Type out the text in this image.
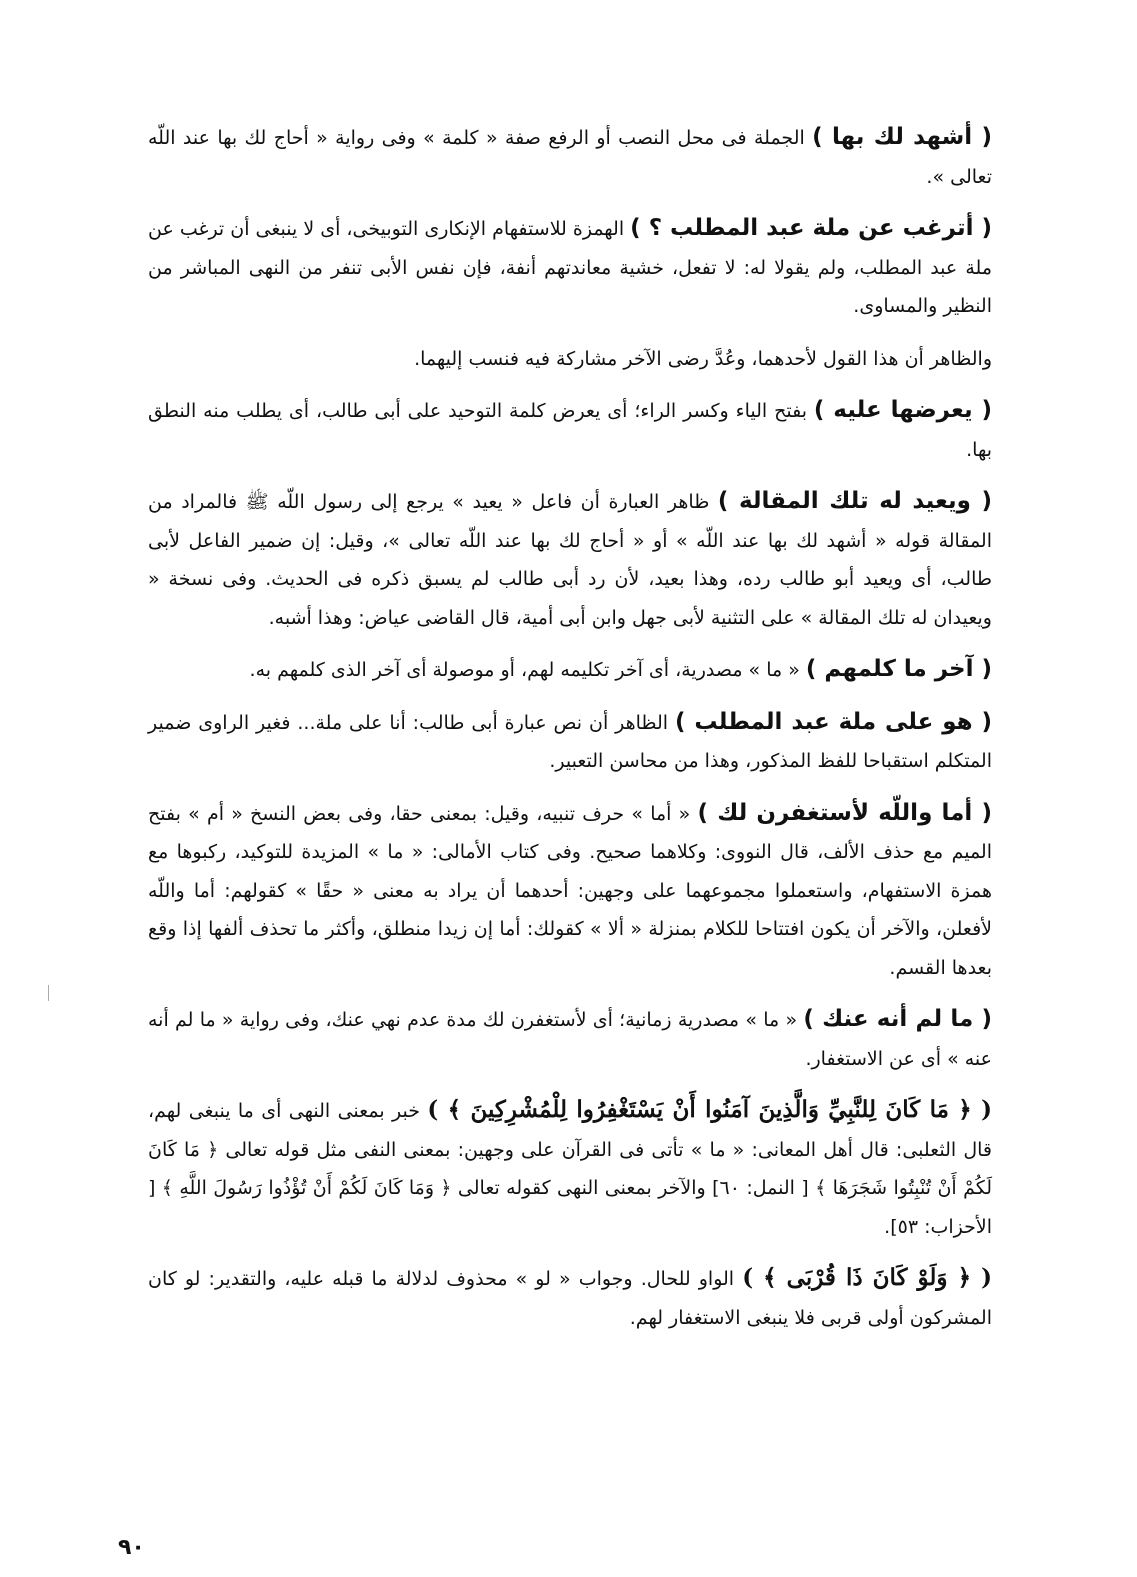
( أشهد لك بها ) الجملة فى محل النصب أو الرفع صفة « كلمة » وفى رواية « أحاج لك بها عند اللّه تعالى ».

( أترغب عن ملة عبد المطلب ؟ ) الهمزة للاستفهام الإنكارى التوبيخى، أى لا ينبغى أن ترغب عن ملة عبد المطلب، ولم يقولا له: لا تفعل، خشية معاندتهم أنفة، فإن نفس الأبى تنفر من النهى المباشر من النظير والمساوى.

والظاهر أن هذا القول لأحدهما، وعُدَّ رضى الآخر مشاركة فيه فنسب إليهما.

( يعرضها عليه ) بفتح الياء وكسر الراء؛ أى يعرض كلمة التوحيد على أبى طالب، أى يطلب منه النطق بها.

( ويعيد له تلك المقالة ) ظاهر العبارة أن فاعل « يعيد » يرجع إلى رسول اللّه ﷺ فالمراد من المقالة قوله « أشهد لك بها عند اللّه » أو « أحاج لك بها عند اللّه تعالى »، وقيل: إن ضمير الفاعل لأبى طالب، أى ويعيد أبو طالب رده، وهذا بعيد، لأن رد أبى طالب لم يسبق ذكره فى الحديث. وفى نسخة « ويعيدان له تلك المقالة » على التثنية لأبى جهل وابن أبى أمية، قال القاضى عياض: وهذا أشبه.

( آخر ما كلمهم ) « ما » مصدرية، أى آخر تكليمه لهم، أو موصولة أى آخر الذى كلمهم به.

( هو على ملة عبد المطلب ) الظاهر أن نص عبارة أبى طالب: أنا على ملة... فغير الراوى ضمير المتكلم استقباحا للفظ المذكور، وهذا من محاسن التعبير.

( أما واللّه لأستغفرن لك ) « أما » حرف تنبيه، وقيل: بمعنى حقا، وفى بعض النسخ « أم » بفتح الميم مع حذف الألف، قال النووى: وكلاهما صحيح. وفى كتاب الأمالى: « ما » المزيدة للتوكيد، ركبوها مع همزة الاستفهام، واستعملوا مجموعهما على وجهين: أحدهما أن يراد به معنى « حقًا » كقولهم: أما واللّه لأفعلن، والآخر أن يكون افتتاحا للكلام بمنزلة « ألا » كقولك: أما إن زيدا منطلق، وأكثر ما تحذف ألفها إذا وقع بعدها القسم.

( ما لم أنه عنك ) « ما » مصدرية زمانية؛ أى لأستغفرن لك مدة عدم نهي عنك، وفى رواية « ما لم أنه عنه » أى عن الاستغفار.

( ﴿ مَا كَانَ لِلنَّبِيِّ وَالَّذِينَ آمَنُوا أَنْ يَسْتَغْفِرُوا لِلْمُشْرِكِينَ ﴾ ) خبر بمعنى النهى أى ما ينبغى لهم، قال الثعلبى: قال أهل المعانى: « ما » تأتى فى القرآن على وجهين: بمعنى النفى مثل قوله تعالى ﴿ مَا كَانَ لَكُمْ أَنْ تُنْبِتُوا شَجَرَهَا ﴾ [ النمل: ٦٠] والآخر بمعنى النهى كقوله تعالى ﴿ وَمَا كَانَ لَكُمْ أَنْ تُؤْذُوا رَسُولَ اللَّهِ ﴾ [ الأحزاب: ٥٣].

( ﴿ وَلَوْ كَانَ ذَا قُرْبَى ﴾ ) الواو للحال. وجواب « لو » محذوف لدلالة ما قبله عليه، والتقدير: لو كان المشركون أولى قربى فلا ينبغى الاستغفار لهم.

٩٠
